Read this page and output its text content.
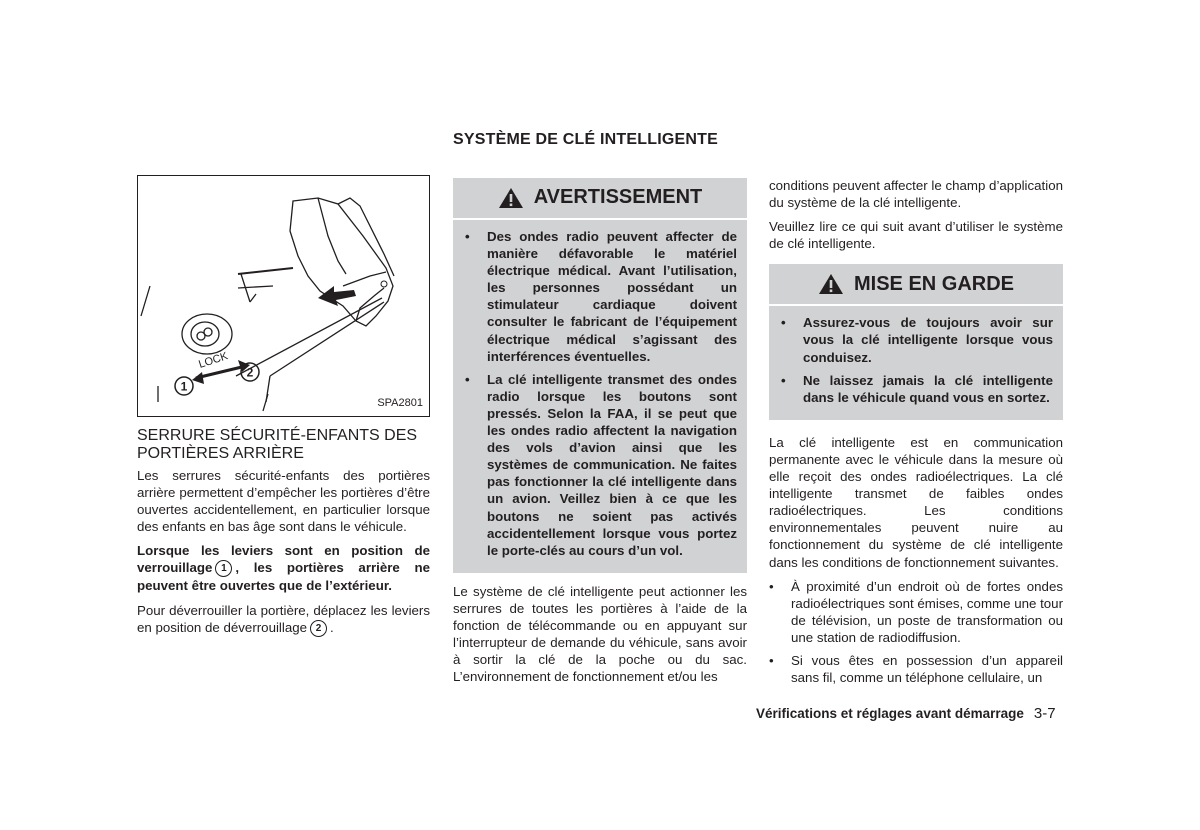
SYSTÈME DE CLÉ INTELLIGENTE
LOCK
1
2
SPA2801
SERRURE SÉCURITÉ-ENFANTS DES PORTIÈRES ARRIÈRE

Les serrures sécurité-enfants des portières arrière permettent d’empêcher les portières d’être ouvertes accidentellement, en particulier lorsque des enfants en bas âge sont dans le véhicule.

Lorsque les leviers sont en position de verrouillage 1 , les portières arrière ne peuvent être ouvertes que de l’extérieur.

Pour déverrouiller la portière, déplacez les leviers en position de déverrouillage 2 .

AVERTISSEMENT
• Des ondes radio peuvent affecter de manière défavorable le matériel électrique médical. Avant l’utilisation, les personnes possédant un stimulateur cardiaque doivent consulter le fabricant de l’équipement électrique médical s’agissant des interférences éventuelles.
• La clé intelligente transmet des ondes radio lorsque les boutons sont pressés. Selon la FAA, il se peut que les ondes radio affectent la navigation des vols d’avion ainsi que les systèmes de communication. Ne faites pas fonctionner la clé intelligente dans un avion. Veillez bien à ce que les boutons ne soient pas activés accidentellement lorsque vous portez le porte-clés au cours d’un vol.

Le système de clé intelligente peut actionner les serrures de toutes les portières à l’aide de la fonction de télécommande ou en appuyant sur l’interrupteur de demande du véhicule, sans avoir à sortir la clé de la poche ou du sac. L’environnement de fonctionnement et/ou les

conditions peuvent affecter le champ d’application du système de la clé intelligente.

Veuillez lire ce qui suit avant d’utiliser le système de clé intelligente.

MISE EN GARDE
• Assurez-vous de toujours avoir sur vous la clé intelligente lorsque vous conduisez.
• Ne laissez jamais la clé intelligente dans le véhicule quand vous en sortez.

La clé intelligente est en communication permanente avec le véhicule dans la mesure où elle reçoit des ondes radioélectriques. La clé intelligente transmet de faibles ondes radioélectriques. Les conditions environnementales peuvent nuire au fonctionnement du système de clé intelligente dans les conditions de fonctionnement suivantes.

• À proximité d’un endroit où de fortes ondes radioélectriques sont émises, comme une tour de télévision, un poste de transformation ou une station de radiodiffusion.
• Si vous êtes en possession d’un appareil sans fil, comme un téléphone cellulaire, un
Vérifications et réglages avant démarrage 3-7
